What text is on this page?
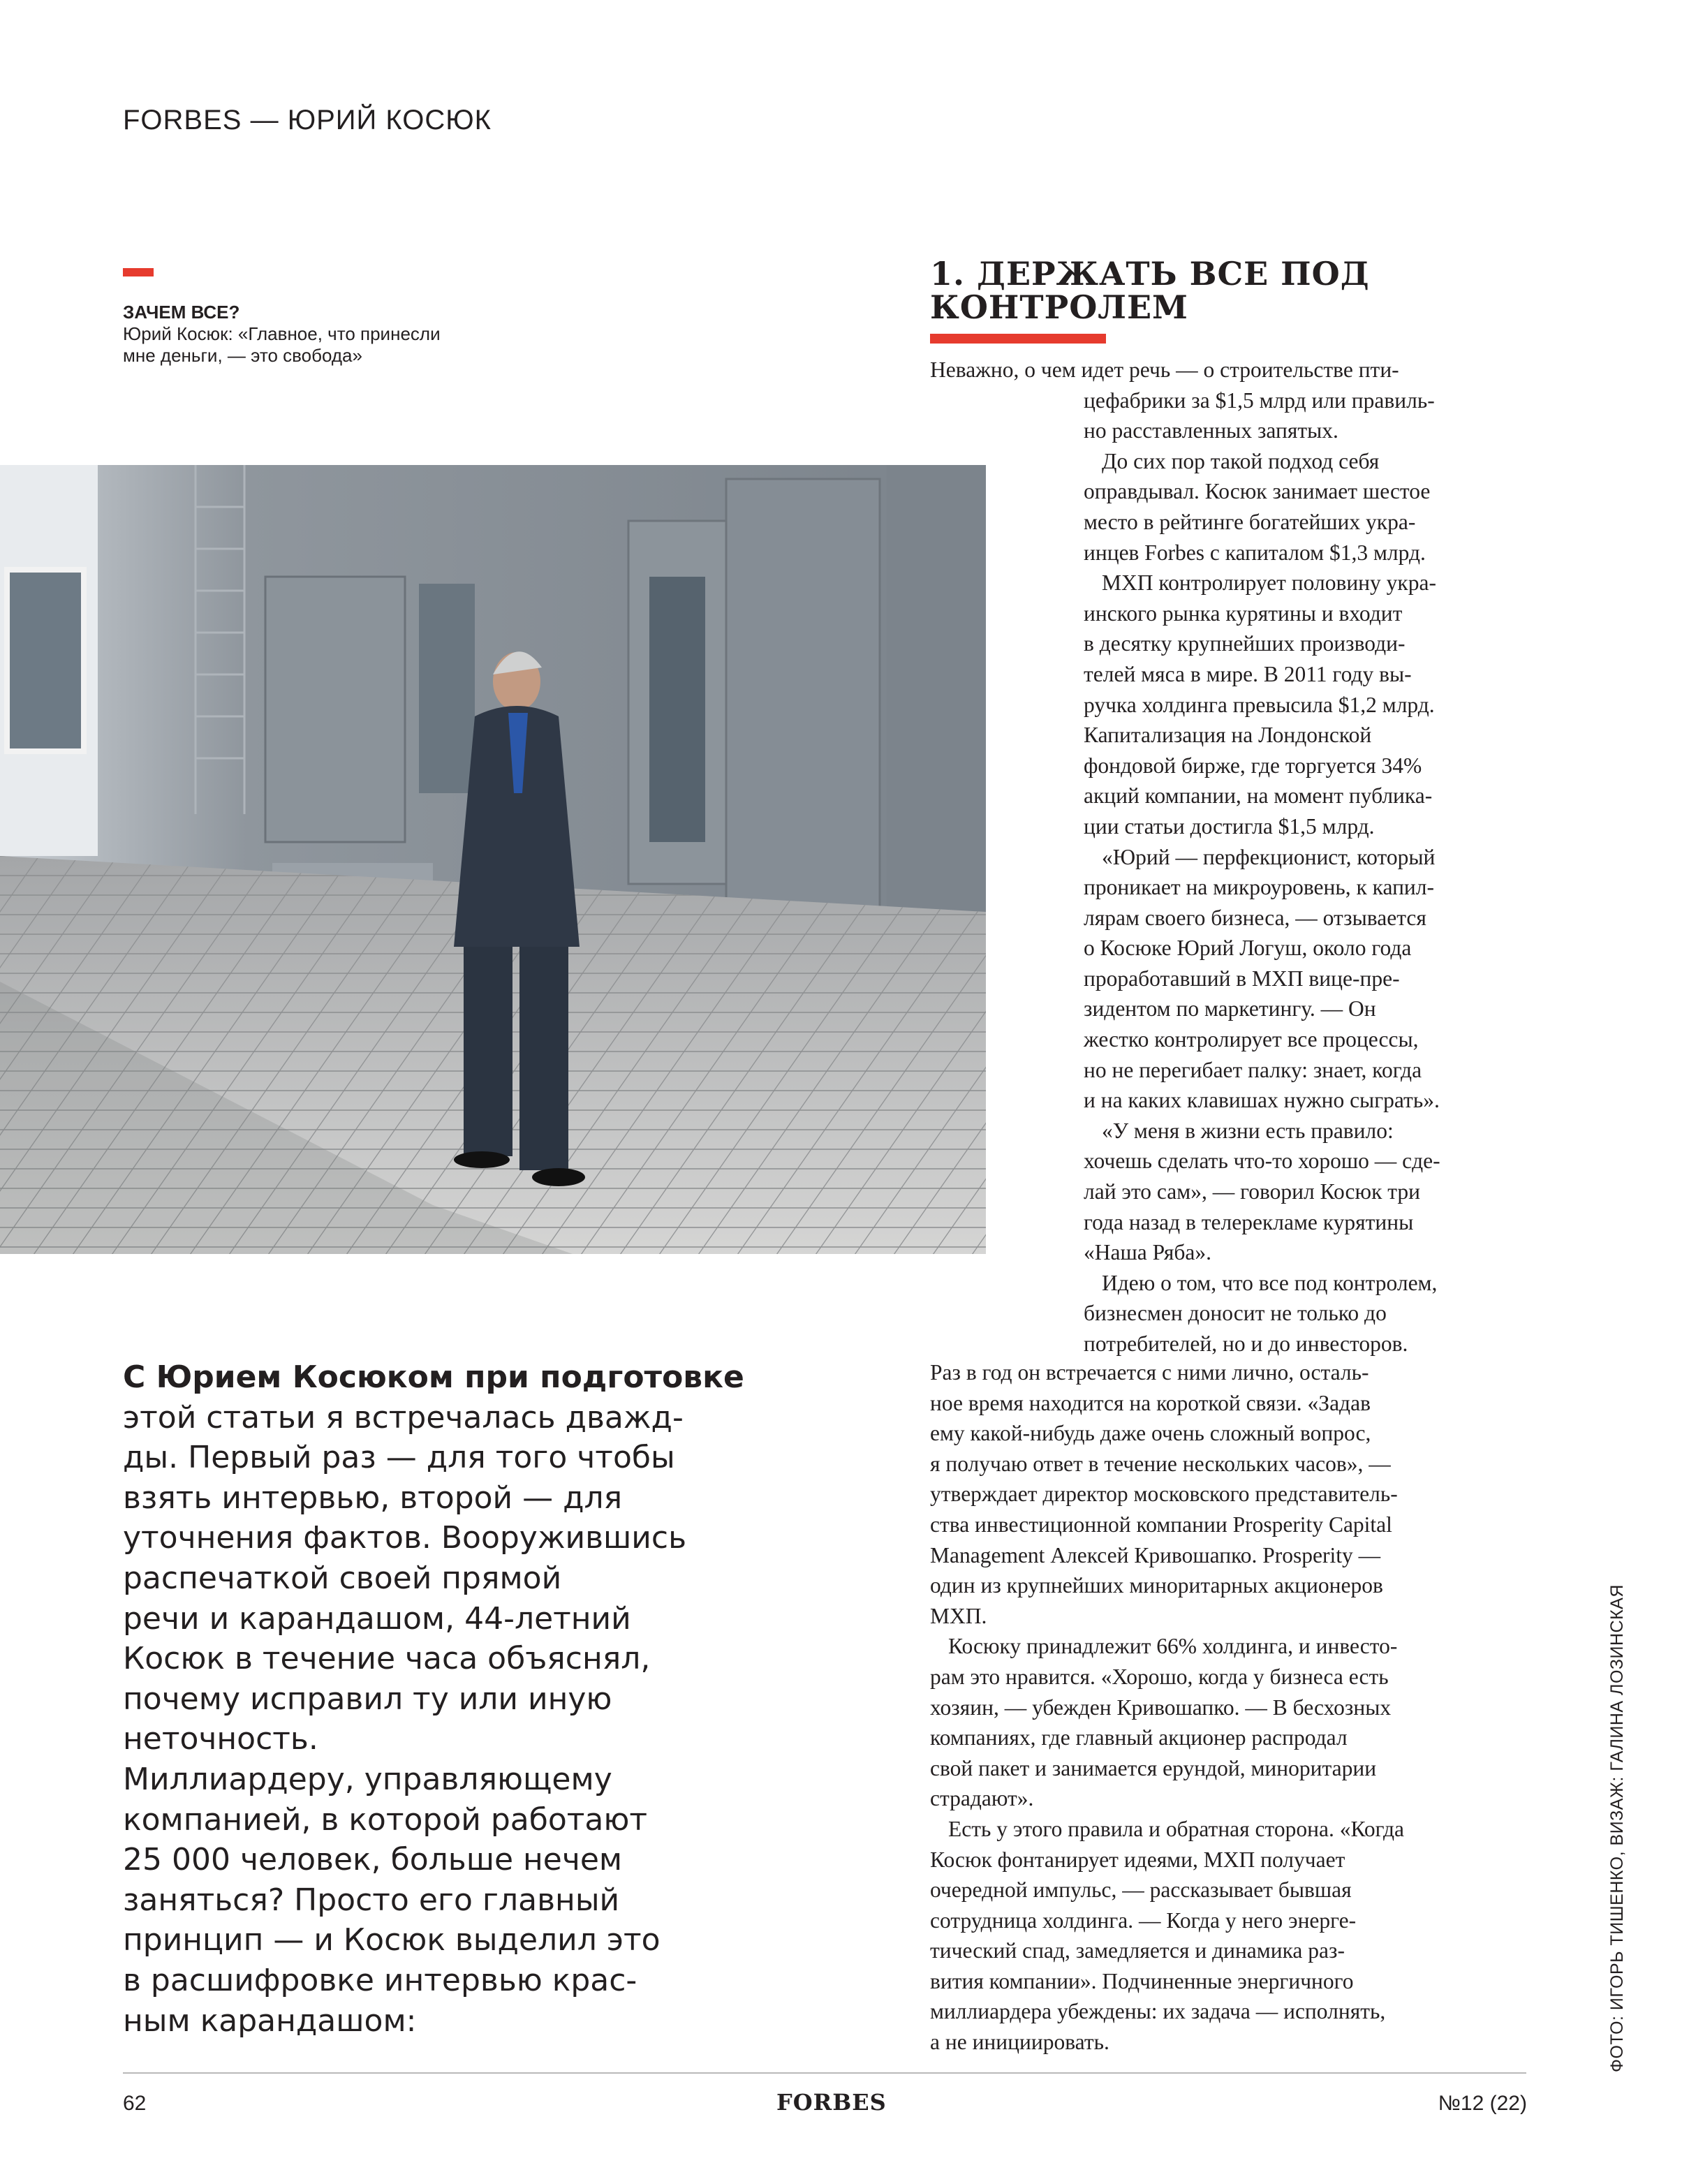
FORBES — ЮРИЙ КОСЮК
ЗАЧЕМ ВСЕ?
Юрий Косюк: «Главное, что принесли
мне деньги, — это свобода»
1. ДЕРЖАТЬ ВСЕ ПОД
КОНТРОЛЕМ
Неважно, о чем идет речь — о строительстве пти-
цефабрики за $1,5 млрд или правиль-
но расставленных запятых.
До сих пор такой подход себя
оправдывал. Косюк занимает шестое
место в рейтинге богатейших укра-
инцев Forbes с капиталом $1,3 млрд.
МХП контролирует половину укра-
инского рынка курятины и входит
в десятку крупнейших производи-
телей мяса в мире. В 2011 году вы-
ручка холдинга превысила $1,2 млрд.
Капитализация на Лондонской
фондовой бирже, где торгуется 34%
акций компании, на момент публика-
ции статьи достигла $1,5 млрд.
«Юрий — перфекционист, который
проникает на микроуровень, к капил-
лярам своего бизнеса, — отзывается
о Косюке Юрий Логуш, около года
проработавший в МХП вице-пре-
зидентом по маркетингу. — Он
жестко контролирует все процессы,
но не перегибает палку: знает, когда
и на каких клавишах нужно сыграть».
«У меня в жизни есть правило:
хочешь сделать что-то хорошо — сде-
лай это сам», — говорил Косюк три
года назад в телерекламе курятины
«Наша Ряба».
Идею о том, что все под контролем,
бизнесмен доносит не только до
потребителей, но и до инвесторов.
Раз в год он встречается с ними лично, осталь-
ное время находится на короткой связи. «Задав
ему какой-нибудь даже очень сложный вопрос,
я получаю ответ в течение нескольких часов», —
утверждает директор московского представитель-
ства инвестиционной компании Prosperity Capital
Management Алексей Кривошапко. Prosperity —
один из крупнейших миноритарных акционеров
МХП.
Косюку принадлежит 66% холдинга, и инвесто-
рам это нравится. «Хорошо, когда у бизнеса есть
хозяин, — убежден Кривошапко. — В бесхозных
компаниях, где главный акционер распродал
свой пакет и занимается ерундой, миноритарии
страдают».
Есть у этого правила и обратная сторона. «Когда
Косюк фонтанирует идеями, МХП получает
очередной импульс, — рассказывает бывшая
сотрудница холдинга. — Когда у него энерге-
тический спад, замедляется и динамика раз-
вития компании». Подчиненные энергичного
миллиардера убеждены: их задача — исполнять,
а не инициировать.
С Юрием Косюком при подготовке
этой статьи я встречалась дважд-
ды. Первый раз — для того чтобы
взять интервью, второй — для
уточнения фактов. Вооружившись
распечаткой своей прямой
речи и карандашом, 44-летний
Косюк в течение часа объяснял,
почему исправил ту или иную
неточность.
Миллиардеру, управляющему
компанией, в которой работают
25 000 человек, больше нечем
заняться? Просто его главный
принцип — и Косюк выделил это
в расшифровке интервью крас-
ным карандашом:	ФОТО: ИГОРЬ ТИШЕНКО, ВИЗАЖ: ГАЛИНА ЛОЗИНСКАЯ
62	FORBES	№12 (22)
